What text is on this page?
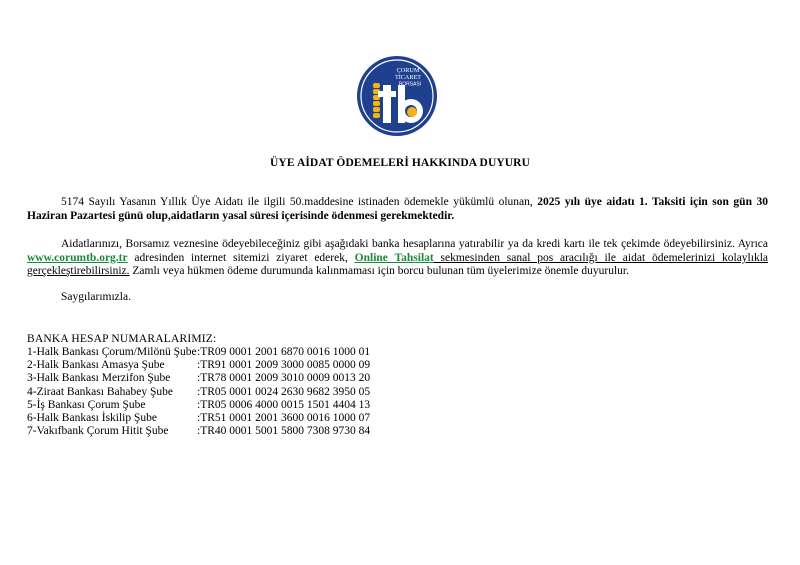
ÇORUM
TİCARET
BORSASI
ÜYE AİDAT ÖDEMELERİ HAKKINDA DUYURU
5174 Sayılı Yasanın Yıllık Üye Aidatı ile ilgili 50.maddesine istinaden ödemekle yükümlü olunan, 2025 yılı üye aidatı 1. Taksiti için son gün 30 Haziran Pazartesi günü olup,aidatların yasal süresi içerisinde ödenmesi gerekmektedir.
Aidatlarınızı, Borsamız veznesine ödeyebileceğiniz gibi aşağıdaki banka hesaplarına yatırabilir ya da kredi kartı ile tek çekimde ödeyebilirsiniz. Ayrıca www.corumtb.org.tr adresinden internet sitemizi ziyaret ederek, Online Tahsilat sekmesinden sanal pos aracılığı ile aidat ödemelerinizi kolaylıkla gerçekleştirebilirsiniz. Zamlı veya hükmen ödeme durumunda kalınmaması için borcu bulunan tüm üyelerimize önemle duyurulur.
Saygılarımızla.
BANKA HESAP NUMARALARIMIZ:
1-Halk Bankası Çorum/Milönü Şube :TR09 0001 2001 6870 0016 1000 01
2-Halk Bankası Amasya Şube	:TR91 0001 2009 3000 0085 0000 09
3-Halk Bankası Merzifon Şube	:TR78 0001 2009 3010 0009 0013 20
4-Ziraat Bankası Bahabey Şube	:TR05 0001 0024 2630 9682 3950 05
5-İş Bankası Çorum Şube	:TR05 0006 4000 0015 1501 4404 13
6-Halk Bankası İskilip Şube	:TR51 0001 2001 3600 0016 1000 07
7-Vakıfbank Çorum Hitit Şube	:TR40 0001 5001 5800 7308 9730 84
